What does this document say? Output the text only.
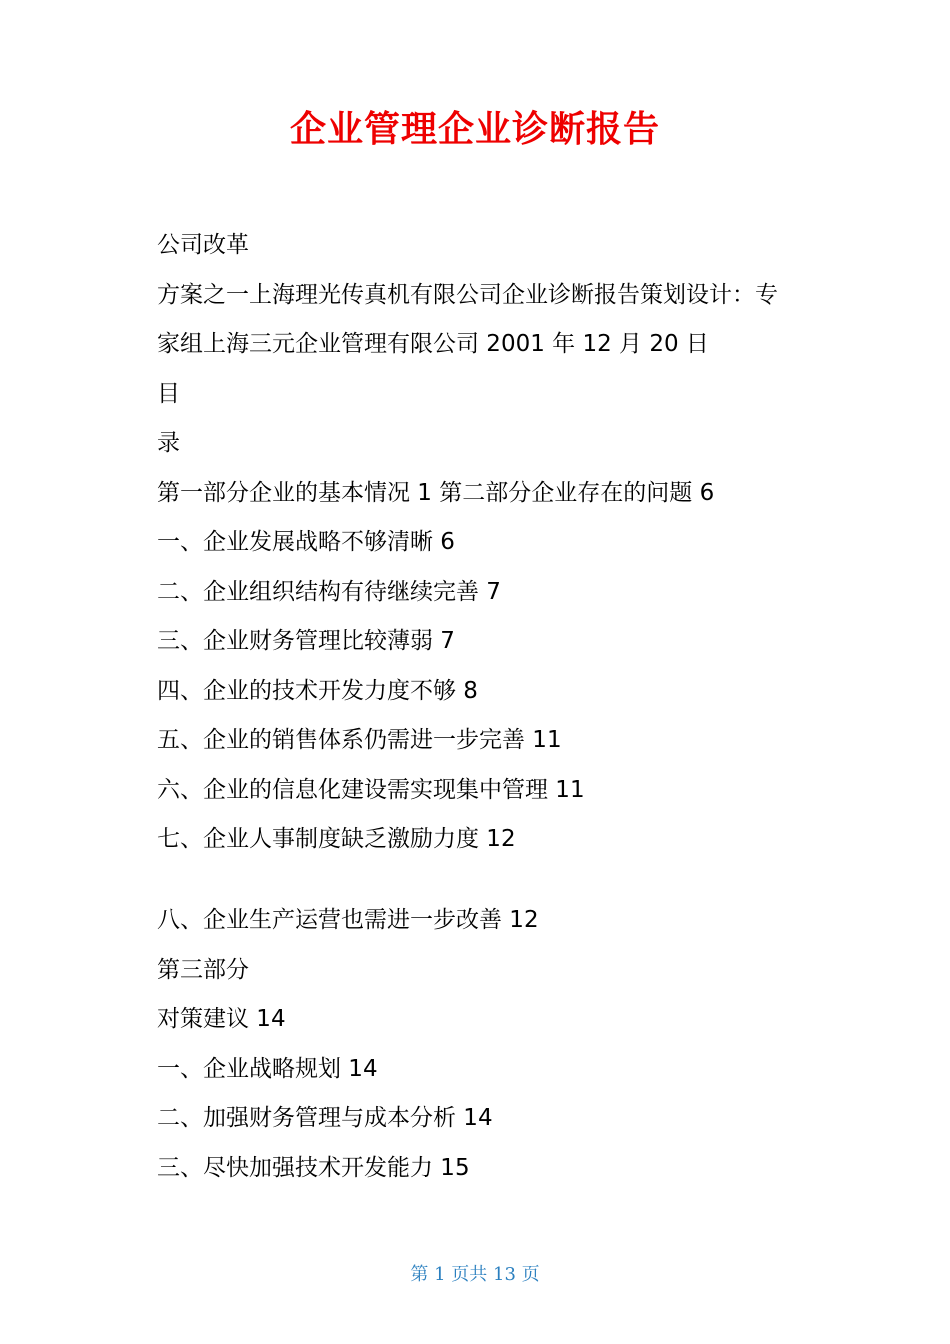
企业管理企业诊断报告
公司改革
方案之一上海理光传真机有限公司企业诊断报告策划设计：专
家组上海三元企业管理有限公司 2001 年 12 月 20 日
目
录
第一部分企业的基本情况 1 第二部分企业存在的问题 6
一、企业发展战略不够清晰 6
二、企业组织结构有待继续完善 7
三、企业财务管理比较薄弱 7
四、企业的技术开发力度不够 8
五、企业的销售体系仍需进一步完善 11
六、企业的信息化建设需实现集中管理 11
七、企业人事制度缺乏激励力度 12
八、企业生产运营也需进一步改善 12
第三部分
对策建议 14
一、企业战略规划 14
二、加强财务管理与成本分析 14
三、尽快加强技术开发能力 15
第 1 页共 13 页
